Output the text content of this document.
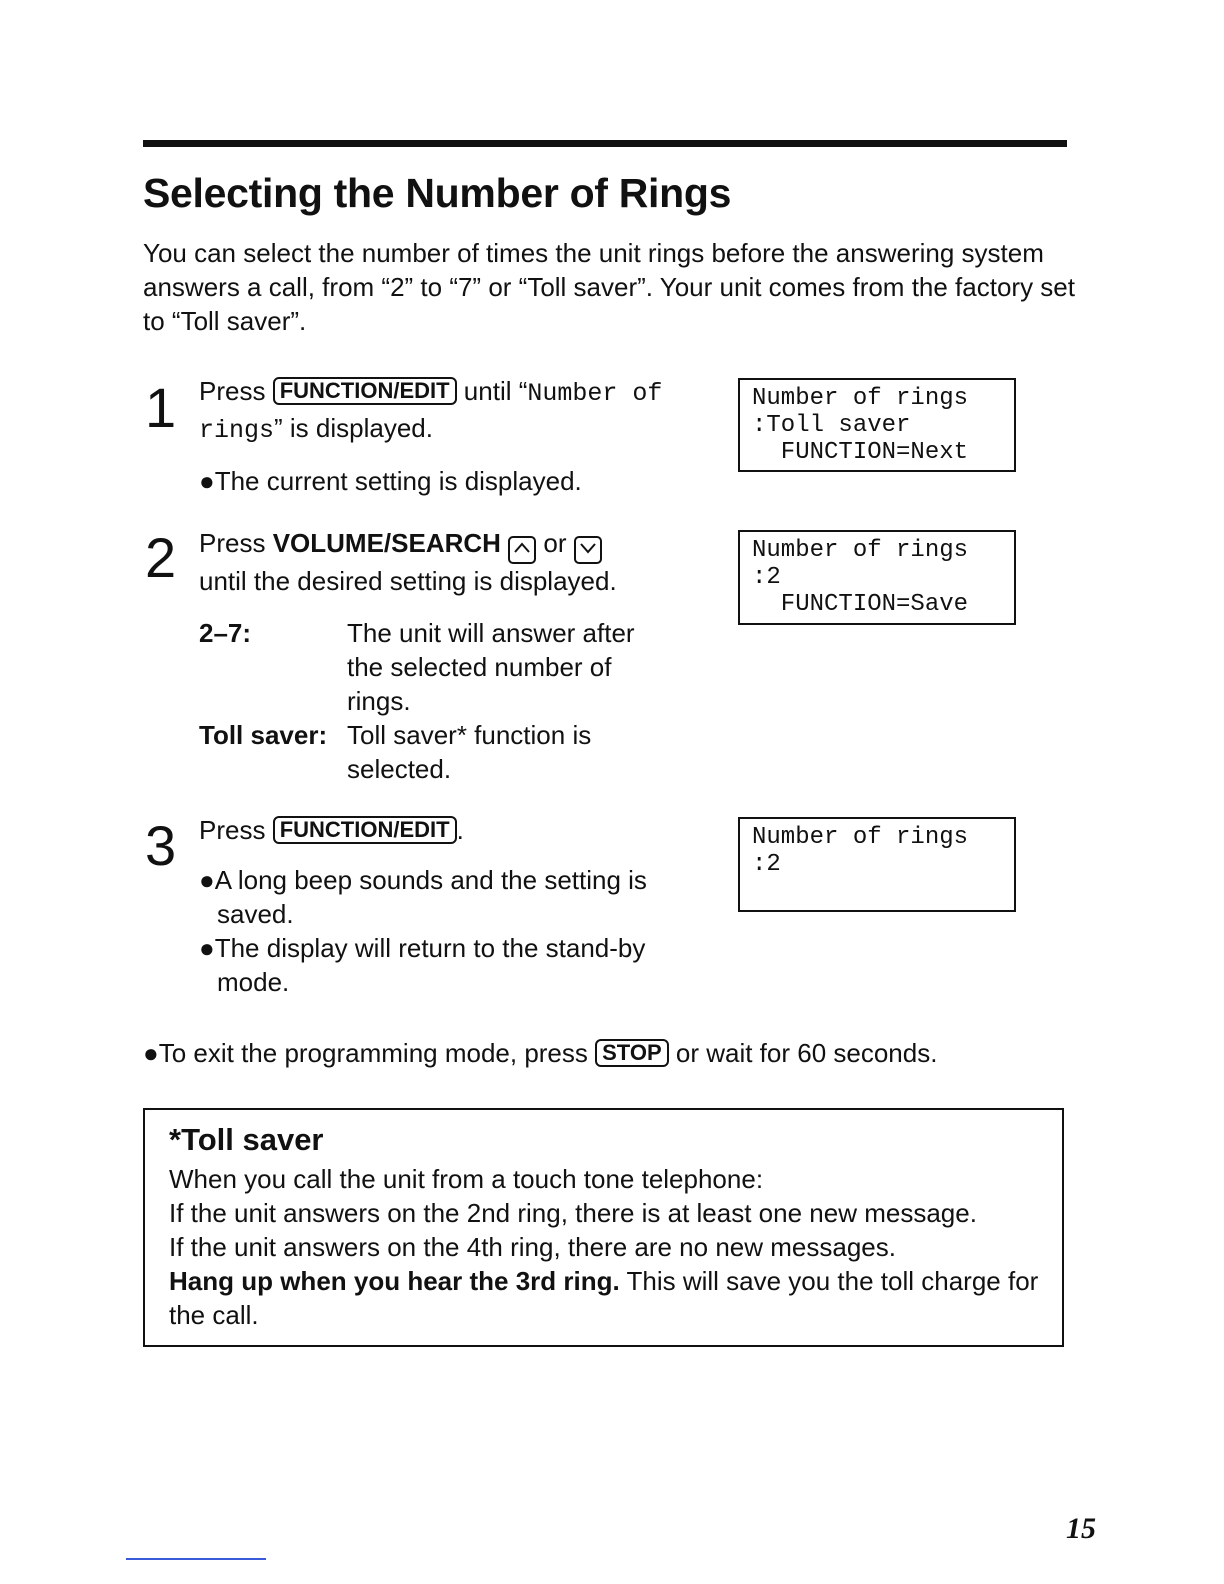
Selecting the Number of Rings

You can select the number of times the unit rings before the answering system answers a call, from “2” to “7” or “Toll saver”. Your unit comes from the factory set to “Toll saver”.

1 Press FUNCTION/EDIT until “Number of rings” is displayed.
●The current setting is displayed.
Number of rings
:Toll saver
FUNCTION=Next
2 Press VOLUME/SEARCH  or
until the desired setting is displayed.
2–7:	The unit will answer after the selected number of rings.
Toll saver: Toll saver* function is selected.
Number of rings
:2
FUNCTION=Save
3 Press FUNCTION/EDIT .
●A long beep sounds and the setting is saved.
●The display will return to the stand-by mode.
Number of rings
:2
●To exit the programming mode, press STOP or wait for 60 seconds.
*Toll saver
When you call the unit from a touch tone telephone:
If the unit answers on the 2nd ring, there is at least one new message.
If the unit answers on the 4th ring, there are no new messages.
Hang up when you hear the 3rd ring. This will save you the toll charge for the call.
15
